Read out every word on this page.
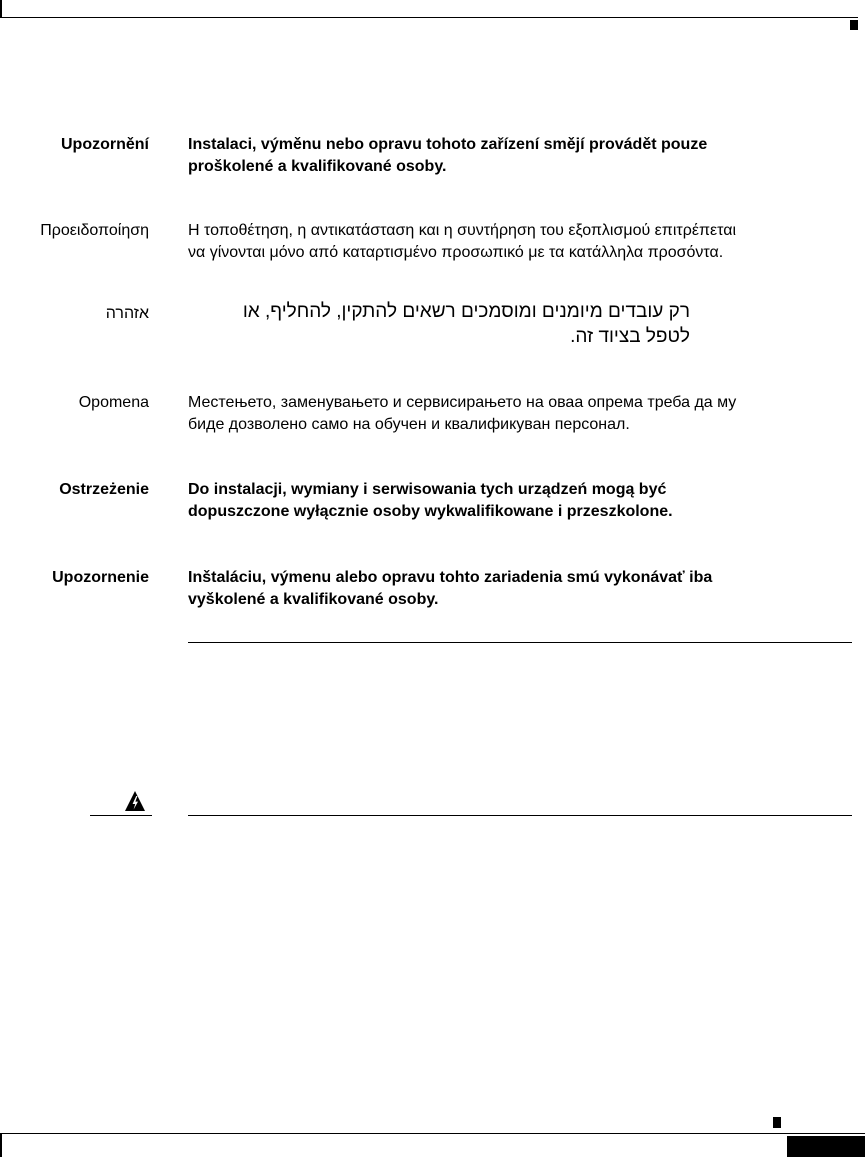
Upozornění Instalaci, výměnu nebo opravu tohoto zařízení smějí provádět pouze
proškolené a kvalifikované osoby.
Προειδοποίηση Η τοποθέτηση, η αντικατάσταση και η συντήρηση του εξοπλισμού επιτρέπεται
να γίνονται μόνο από καταρτισμένο προσωπικό με τα κατάλληλα προσόντα.
אזהרה	רק עובדים מיומנים ומוסמכים רשאים להתקין, להחליף, או
לטפל בציוד זה.
Opomena Местењето, заменувањето и сервисирањето на оваа опрема треба да му
биде дозволено само на обучен и квалификуван персонал.
Ostrzeżenie Do instalacji, wymiany i serwisowania tych urządzeń mogą być
dopuszczone wyłącznie osoby wykwalifikowane i przeszkolone.
Upozornenie Inštaláciu, výmenu alebo opravu tohto zariadenia smú vykonávať iba
vyškolené a kvalifikované osoby.
